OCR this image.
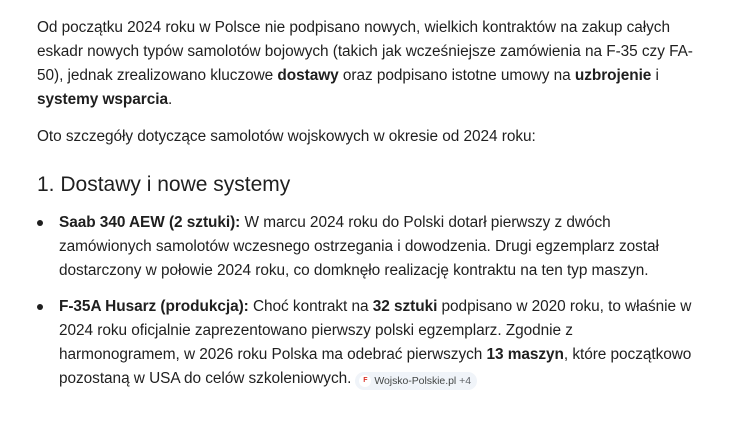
Od początku 2024 roku w Polsce nie podpisano nowych, wielkich kontraktów na zakup całych eskadr nowych typów samolotów bojowych (takich jak wcześniejsze zamówienia na F-35 czy FA-50), jednak zrealizowano kluczowe dostawy oraz podpisano istotne umowy na uzbrojenie i systemy wsparcia.

Oto szczegóły dotyczące samolotów wojskowych w okresie od 2024 roku:

1. Dostawy i nowe systemy
Saab 340 AEW (2 sztuki): W marcu 2024 roku do Polski dotarł pierwszy z dwóch zamówionych samolotów wczesnego ostrzegania i dowodzenia. Drugi egzemplarz został dostarczony w połowie 2024 roku, co domknęło realizację kontraktu na ten typ maszyn.
F-35A Husarz (produkcja): Choć kontrakt na 32 sztuki podpisano w 2020 roku, to właśnie w 2024 roku oficjalnie zaprezentowano pierwszy polski egzemplarz. Zgodnie z harmonogramem, w 2026 roku Polska ma odebrać pierwszych 13 maszyn, które początkowo pozostaną w USA do celów szkoleniowych.	F Wojsko-Polskie.pl +4
